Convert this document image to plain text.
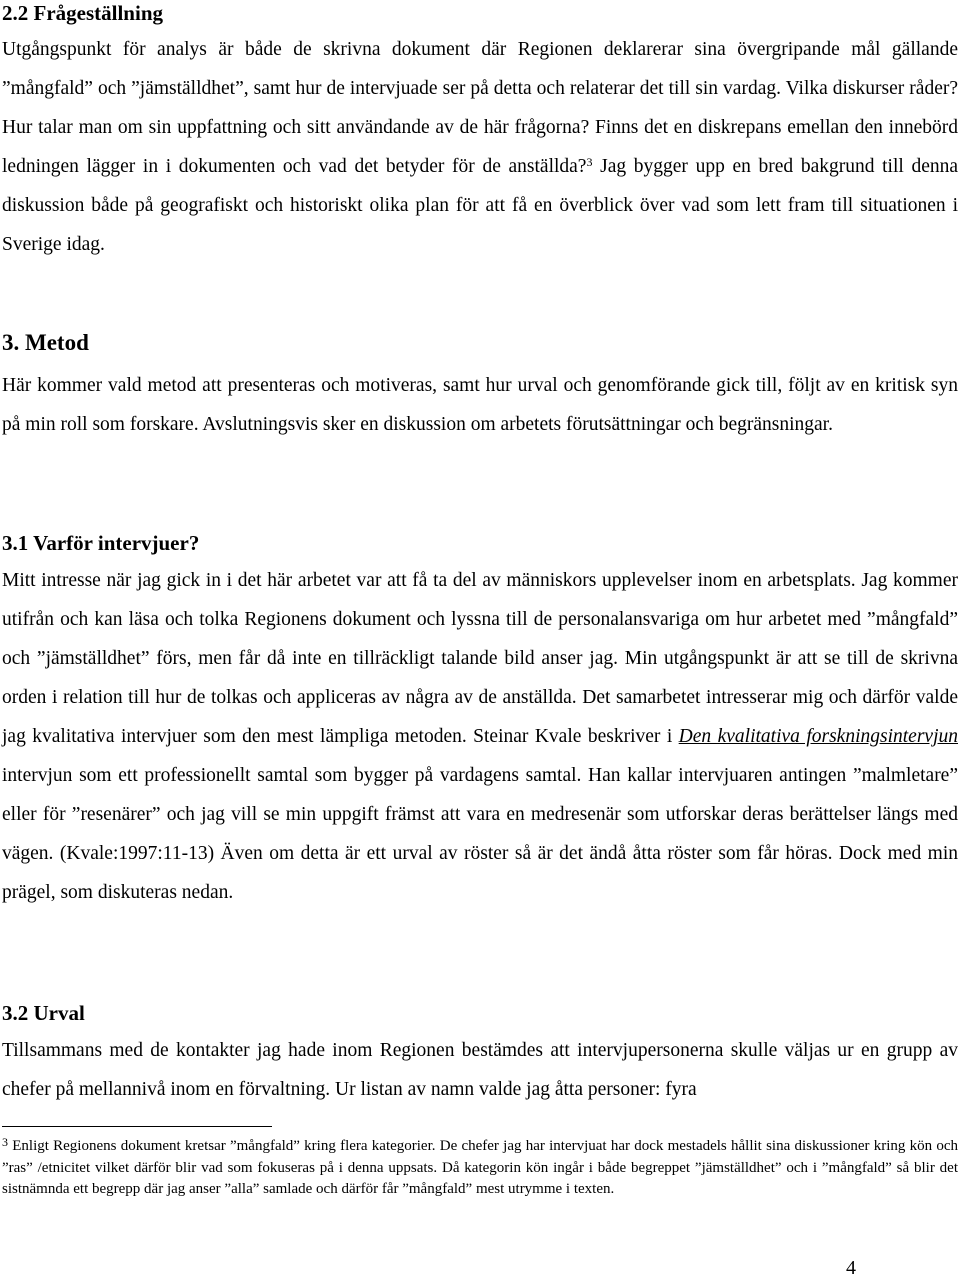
2.2 Frågeställning

Utgångspunkt för analys är både de skrivna dokument där Regionen deklarerar sina övergripande mål gällande ”mångfald” och ”jämställdhet”, samt hur de intervjuade ser på detta och relaterar det till sin vardag. Vilka diskurser råder? Hur talar man om sin uppfattning och sitt användande av de här frågorna? Finns det en diskrepans emellan den innebörd ledningen lägger in i dokumenten och vad det betyder för de anställda?$^3$ Jag bygger upp en bred bakgrund till denna diskussion både på geografiskt och historiskt olika plan för att få en överblick över vad som lett fram till situationen i Sverige idag.

3. Metod

Här kommer vald metod att presenteras och motiveras, samt hur urval och genomförande gick till, följt av en kritisk syn på min roll som forskare. Avslutningsvis sker en diskussion om arbetets förutsättningar och begränsningar.

3.1 Varför intervjuer?

Mitt intresse när jag gick in i det här arbetet var att få ta del av människors upplevelser inom en arbetsplats. Jag kommer utifrån och kan läsa och tolka Regionens dokument och lyssna till de personalansvariga om hur arbetet med ”mångfald” och ”jämställdhet” förs, men får då inte en tillräckligt talande bild anser jag. Min utgångspunkt är att se till de skrivna orden i relation till hur de tolkas och appliceras av några av de anställda. Det samarbetet intresserar mig och därför valde jag kvalitativa intervjuer som den mest lämpliga metoden. Steinar Kvale beskriver i Den kvalitativa forskningsintervjun intervjun som ett professionellt samtal som bygger på vardagens samtal. Han kallar intervjuaren antingen ”malmletare” eller för ”resenärer” och jag vill se min uppgift främst att vara en medresenär som utforskar deras berättelser längs med vägen. (Kvale:1997:11-13) Även om detta är ett urval av röster så är det ändå åtta röster som får höras. Dock med min prägel, som diskuteras nedan.

3.2 Urval

Tillsammans med de kontakter jag hade inom Regionen bestämdes att intervjupersonerna skulle väljas ur en grupp av chefer på mellannivå inom en förvaltning. Ur listan av namn valde jag åtta personer: fyra

$^3$ Enligt Regionens dokument kretsar ”mångfald” kring flera kategorier. De chefer jag har intervjuat har dock mestadels hållit sina diskussioner kring kön och ”ras” /etnicitet vilket därför blir vad som fokuseras på i denna uppsats. Då kategorin kön ingår i både begreppet ”jämställdhet” och i ”mångfald” så blir det sistnämnda ett begrepp där jag anser ”alla” samlade och därför får ”mångfald” mest utrymme i texten.
4
